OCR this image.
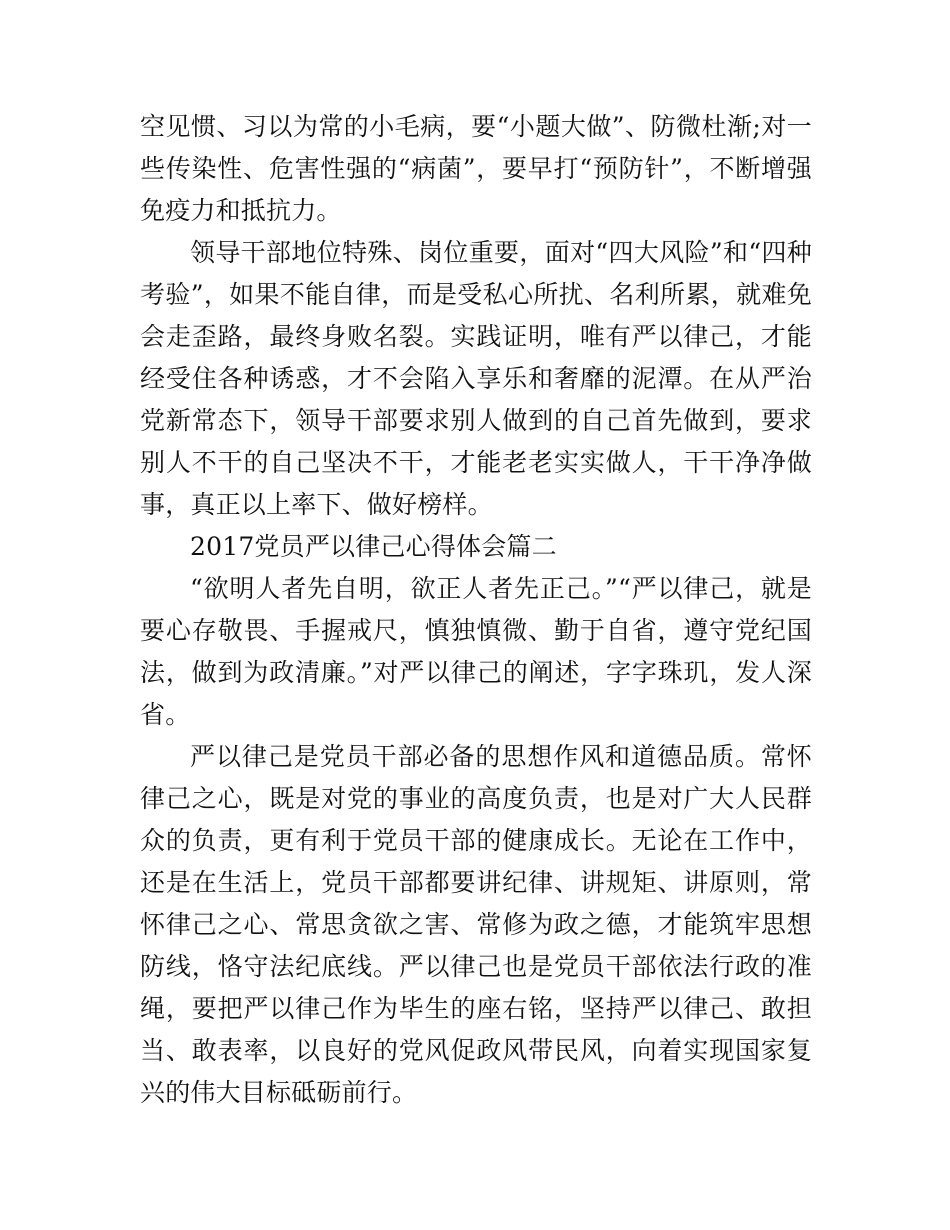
空见惯、习以为常的小毛病，要“小题大做”、防微杜渐;对一些传染性、危害性强的“病菌”，要早打“预防针”，不断增强免疫力和抵抗力。

领导干部地位特殊、岗位重要，面对“四大风险”和“四种考验”，如果不能自律，而是受私心所扰、名利所累，就难免会走歪路，最终身败名裂。实践证明，唯有严以律己，才能经受住各种诱惑，才不会陷入享乐和奢靡的泥潭。在从严治党新常态下，领导干部要求别人做到的自己首先做到，要求别人不干的自己坚决不干，才能老老实实做人，干干净净做事，真正以上率下、做好榜样。

2017党员严以律己心得体会篇二

“欲明人者先自明，欲正人者先正己。”“严以律己，就是要心存敬畏、手握戒尺，慎独慎微、勤于自省，遵守党纪国法，做到为政清廉。”对严以律己的阐述，字字珠玑，发人深省。

严以律己是党员干部必备的思想作风和道德品质。常怀律己之心，既是对党的事业的高度负责，也是对广大人民群众的负责，更有利于党员干部的健康成长。无论在工作中，还是在生活上，党员干部都要讲纪律、讲规矩、讲原则，常怀律己之心、常思贪欲之害、常修为政之德，才能筑牢思想防线，恪守法纪底线。严以律己也是党员干部依法行政的准绳，要把严以律己作为毕生的座右铭，坚持严以律己、敢担当、敢表率，以良好的党风促政风带民风，向着实现国家复兴的伟大目标砥砺前行。
